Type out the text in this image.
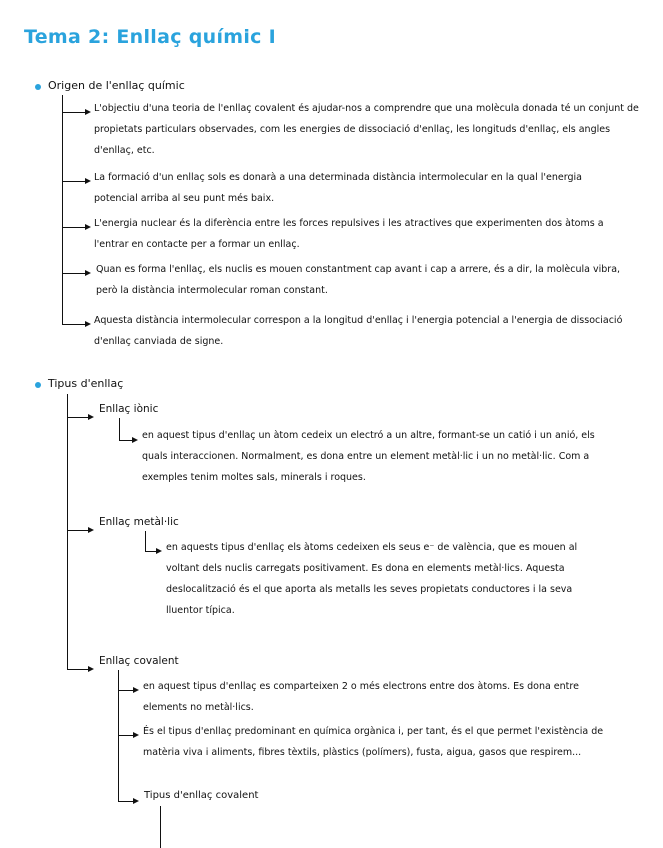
Tema 2: Enllaç químic I
Origen de l'enllaç químic

L'objectiu d'una teoria de l'enllaç covalent és ajudar-nos a comprendre que una molècula donada té un conjunt de propietats particulars observades, com les energies de dissociació d'enllaç, les longituds d'enllaç, els angles d'enllaç, etc.

La formació d'un enllaç sols es donarà a una determinada distància intermolecular en la qual l'energia potencial arriba al seu punt més baix.

L'energia nuclear és la diferència entre les forces repulsives i les atractives que experimenten dos àtoms a l'entrar en contacte per a formar un enllaç.

Quan es forma l'enllaç, els nuclis es mouen constantment cap avant i cap a arrere, és a dir, la molècula vibra, però la distància intermolecular roman constant.

Aquesta distància intermolecular correspon a la longitud d'enllaç i l'energia potencial a l'energia de dissociació d'enllaç canviada de signe.

Tipus d'enllaç
Enllaç iònic

en aquest tipus d'enllaç un àtom cedeix un electró a un altre, formant-se un catió i un anió, els quals interaccionen. Normalment, es dona entre un element metàl·lic i un no metàl·lic. Com a exemples tenim moltes sals, minerals i roques.

Enllaç metàl·lic

en aquests tipus d'enllaç els àtoms cedeixen els seus e⁻ de valència, que es mouen al voltant dels nuclis carregats positivament. Es dona en elements metàl·lics. Aquesta deslocalització és el que aporta als metalls les seves propietats conductores i la seva lluentor típica.

Enllaç covalent

en aquest tipus d'enllaç es comparteixen 2 o més electrons entre dos àtoms. Es dona entre elements no metàl·lics.

És el tipus d'enllaç predominant en química orgànica i, per tant, és el que permet l'existència de matèria viva i aliments, fibres tèxtils, plàstics (polímers), fusta, aigua, gasos que respirem...

Tipus d'enllaç covalent
